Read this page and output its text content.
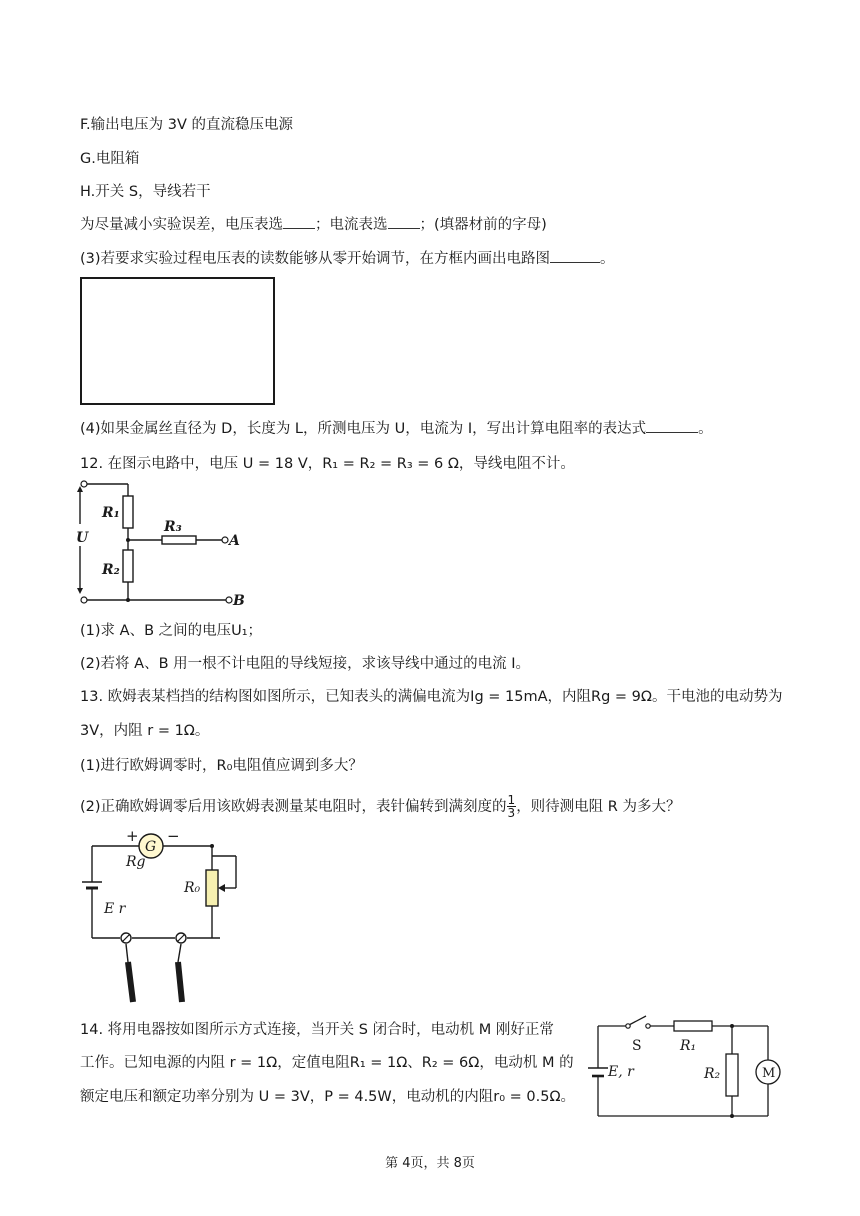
F.输出电压为 3V 的直流稳压电源
G.电阻箱
H.开关 S，导线若干
为尽量减小实验误差，电压表选 ；电流表选 ；(填器材前的字母)
(3)若要求实验过程电压表的读数能够从零开始调节，在方框内画出电路图	。
(4)如果金属丝直径为 D，长度为 L，所测电压为 U，电流为 I，写出计算电阻率的表达式	。
12. 在图示电路中，电压 U = 18 V，R₁ = R₂ = R₃ = 6 Ω，导线电阻不计。
R₁
R₂
R₃
U	A
B
(1)求 A、B 之间的电压U₁；
(2)若将 A、B 用一根不计电阻的导线短接，求该导线中通过的电流 I。
13. 欧姆表某档挡的结构图如图所示，已知表头的满偏电流为Ig = 15mA，内阻Rg = 9Ω。干电池的电动势为
3V，内阻 r = 1Ω。
(1)进行欧姆调零时，R₀电阻值应调到多大？
(2)正确欧姆调零后用该欧姆表测量某电阻时，表针偏转到满刻度的 $\frac{1}{3}$ ，则待测电阻 R 为多大？
+ −
G
Rg
R₀
E r
14. 将用电器按如图所示方式连接，当开关 S 闭合时，电动机 M 刚好正常
工作。已知电源的内阻 r = 1Ω，定值电阻R₁ = 1Ω、R₂ = 6Ω，电动机 M 的
额定电压和额定功率分别为 U = 3V，P = 4.5W，电动机的内阻r₀ = 0.5Ω。
S	R₁
R₂
E, r	M
第 4页，共 8页
